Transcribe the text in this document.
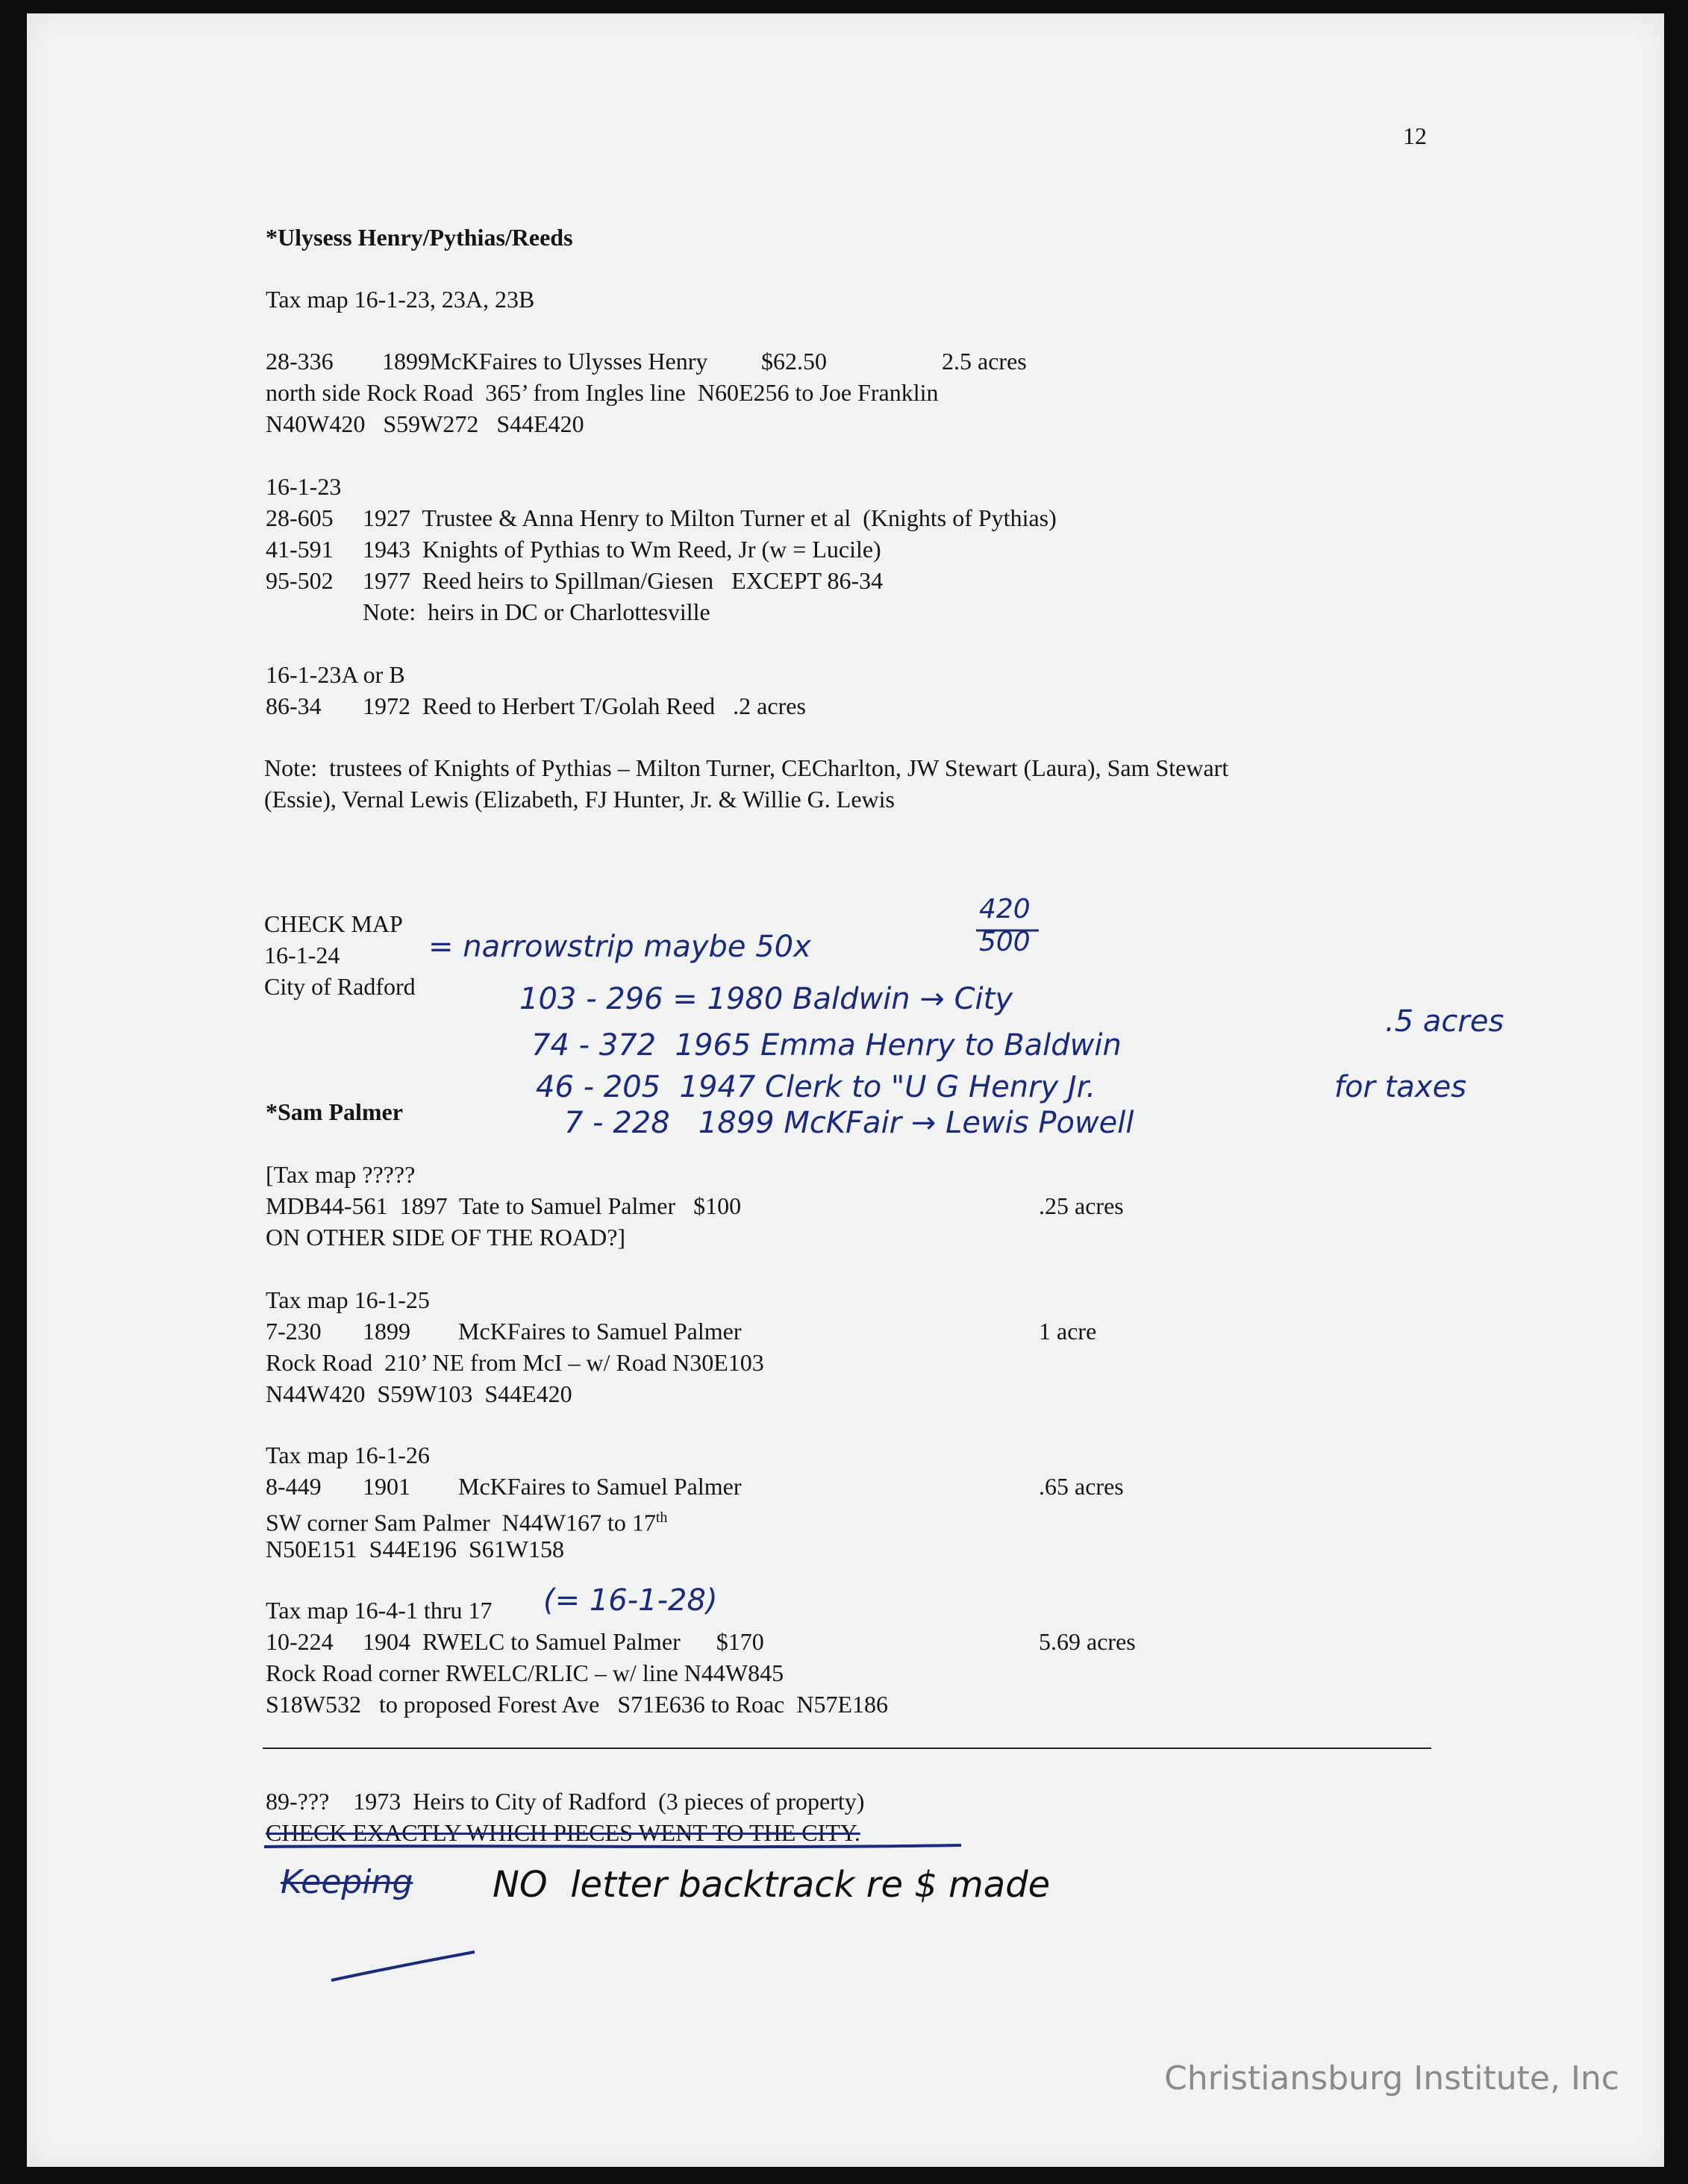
12

*Ulysess Henry/Pythias/Reeds

Tax map 16-1-23, 23A, 23B

28-336 1899 McKFaires to Ulysses Henry $62.50	2.5 acres

north side Rock Road  365’ from Ingles line  N60E256 to Joe Franklin

N40W420   S59W272   S44E420

16-1-23

28-605 1927  Trustee & Anna Henry to Milton Turner et al  (Knights of Pythias)

41-591 1943  Knights of Pythias to Wm Reed, Jr (w = Lucile)

95-502 1977  Reed heirs to Spillman/Giesen   EXCEPT 86-34

Note:  heirs in DC or Charlottesville

16-1-23A or B

86-34 1972  Reed to Herbert T/Golah Reed   .2 acres

Note:  trustees of Knights of Pythias – Milton Turner, CECharlton, JW Stewart (Laura), Sam Stewart

(Essie), Vernal Lewis (Elizabeth, FJ Hunter, Jr. & Willie G. Lewis

CHECK MAP

16-1-24

City of Radford

420

500

= narrowstrip maybe 50x

103 - 296 = 1980 Baldwin → City

74 - 372  1965 Emma Henry to Baldwin

.5 acres

46 - 205  1947 Clerk to "U G Henry Jr.	for taxes

7 - 228   1899 McKFair → Lewis Powell

*Sam Palmer

[Tax map ?????

MDB44-561  1897  Tate to Samuel Palmer   $100	.25 acres

ON OTHER SIDE OF THE ROAD?]

Tax map 16-1-25

7-230 1899 McKFaires to Samuel Palmer	1 acre

Rock Road  210’ NE from McI – w/ Road N30E103

N44W420  S59W103  S44E420

Tax map 16-1-26

8-449 1901 McKFaires to Samuel Palmer	.65 acres

SW corner Sam Palmer  N44W167 to 17th

N50E151  S44E196  S61W158

Tax map 16-4-1 thru 17 (= 16-1-28)

10-224 1904  RWELC to Samuel Palmer      $170	5.69 acres

Rock Road corner RWELC/RLIC – w/ line N44W845

S18W532   to proposed Forest Ave   S71E636 to Roac  N57E186

89-???    1973  Heirs to City of Radford  (3 pieces of property)

CHECK EXACTLY WHICH PIECES WENT TO THE CITY.

Keeping NO  letter backtrack re $ made

Christiansburg Institute, Inc
